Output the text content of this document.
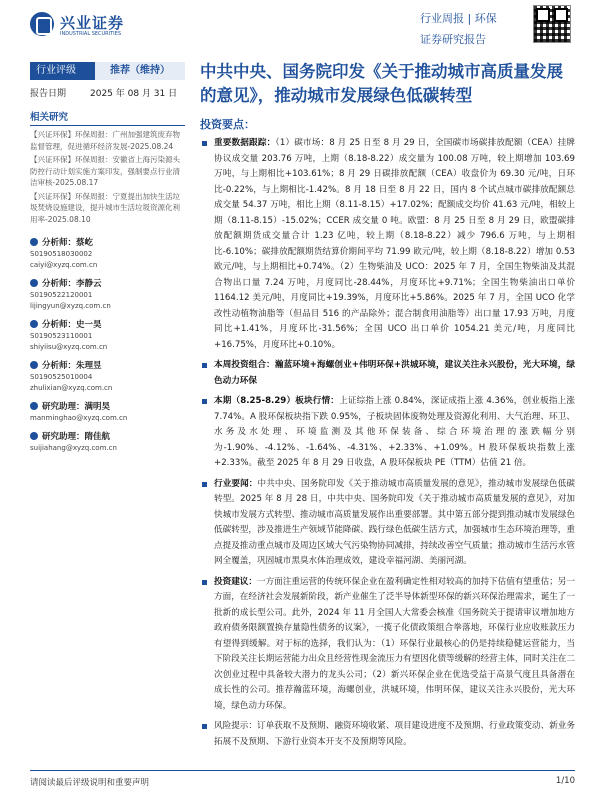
兴业证券
INDUSTRIAL SECURITIES
行业周报 | 环保
证券研究报告
行业评级	推荐（维持）
报告日期	2025 年 08 月 31 日
相关研究
【兴证环保】环保周报：广州加强建筑废弃物监督管理，促进循环经济发展-2025.08.24
【兴证环保】环保周报：安徽省上海污染源头防控行动计划实施方案印发，强制要点行业清洁审核-2025.08.17
【兴证环保】环保周报：宁夏提出加快生活垃圾焚烧设施建设，提升城市生活垃圾资源化利用率-2025.08.10
分析师：蔡屹
S0190518030002
caiyi@xyzq.com.cn
分析师：李静云
S0190522120001
lijingyun@xyzq.com.cn
分析师：史一昊
S0190523110001
shiyiisu@xyzq.com.cn
分析师：朱理昱
S0190525010004
zhulixian@xyzq.com.cn
研究助理：满明昊
manminghao@xyzq.com.cn
研究助理：隋佳航
suijiahang@xyzq.com.cn
中共中央、国务院印发《关于推动城市高质量发展的意见》，推动城市发展绿色低碳转型
投资要点：
重要数据跟踪：（1）碳市场：8 月 25 日至 8 月 29 日，全国碳市场碳排放配额（CEA）挂牌协议成交量 203.76 万吨，上期（8.18-8.22）成交量为 100.08 万吨，较上期增加 103.69 万吨，与上期相比+103.61%；8 月 29 日碳排放配额（CEA）收盘价为 69.30 元/吨，日环比-0.22%，与上期相比-1.42%。8 月 18 日至 8 月 22 日，国内 8 个试点城市碳排放配额总成交量 54.37 万吨，相比上期（8.11-8.15）+17.02%；配额成交均价 41.63 元/吨，相较上期（8.11-8.15）-15.02%；CCER 成交量 0 吨。欧盟：8 月 25 日至 8 月 29 日，欧盟碳排放配额期货成交量合计 1.23 亿吨，较上期（8.18-8.22）减少 796.6 万吨，与上期相比-6.10%；碳排放配额期货结算价期间平均 71.99 欧元/吨，较上期（8.18-8.22）增加 0.53 欧元/吨，与上期相比+0.74%。（2）生物柴油及 UCO：2025 年 7 月，全国生物柴油及其混合物出口量 7.24 万吨，月度同比-28.44%，月度环比+9.71%；全国生物柴油出口单价 1164.12 美元/吨，月度同比+19.39%，月度环比+5.86%。2025 年 7 月，全国 UCO 化学改性动植物油脂等（但品目 516 的产品除外；混合制食用油脂等）出口量 17.93 万吨，月度同比+1.41%，月度环比-31.56%；全国 UCO 出口单价 1054.21 美元/吨，月度同比+16.75%，月度环比+0.10%。
本周投资组合：瀚蓝环境+海螺创业+伟明环保+洪城环境，建议关注永兴股份，光大环境，绿色动力环保
本期（8.25-8.29）板块行情：上证综指上涨 0.84%，深证成指上涨 4.36%，创业板指上涨 7.74%。A 股环保板块指下跌 0.95%，子板块固体废物处理及资源化利用、大气治理、环卫、水务及水处理、环境监测及其他环保装备、综合环境治理的涨跌幅分别为-1.90%、-4.12%、-1.64%、-4.31%、+2.33%、+1.09%。H 股环保板块指数上涨+2.33%。截至 2025 年 8 月 29 日收盘，A 股环保板块 PE（TTM）估值 21 倍。
行业要闻：中共中央、国务院印发《关于推动城市高质量发展的意见》，推动城市发展绿色低碳转型。2025 年 8 月 28 日，中共中央、国务院印发《关于推动城市高质量发展的意见》，对加快城市发展方式转型、推动城市高质量发展作出重要部署。其中第五部分提到推动城市发展绿色低碳转型，涉及推进生产领域节能降碳、践行绿色低碳生活方式，加强城市生态环境治理等，重点提及推动重点城市及周边区域大气污染物协同减排，持续改善空气质量；推动城市生活污水管网全覆盖，巩固城市黑臭水体治理成效，建设幸福河湖、美丽河湖。
投资建议：一方面注重运营的传统环保企业在盈利确定性相对较高的加持下估值有望重估；另一方面，在经济社会发展新阶段，新产业催生了泛半导体新型环保的新兴环保治理需求，诞生了一批新的成长型公司。此外，2024 年 11 月全国人大常委会核准《国务院关于提请审议增加地方政府债务限额置换存量隐性债务的议案》，一揽子化债政策组合拳落地，环保行业应收账款压力有望得到缓解。对于标的选择，我们认为：（1）环保行业最核心的仍是持续稳健运营能力，当下阶段关注长期运营能力出众且经营性现金流压力有望因化债等缓解的经营主体，同时关注在二次创业过程中具备较大潜力的龙头公司；（2）新兴环保企业在优选受益于高景气度且具备潜在成长性的公司。推荐瀚蓝环境，海螺创业，洪城环境，伟明环保，建议关注永兴股份，光大环境，绿色动力环保。
风险提示：订单获取不及预期、融资环境收紧、项目建设进度不及预期、行业政策变动、新业务拓展不及预期、下游行业资本开支不及预期等风险。
请阅读最后评级说明和重要声明	1/10
